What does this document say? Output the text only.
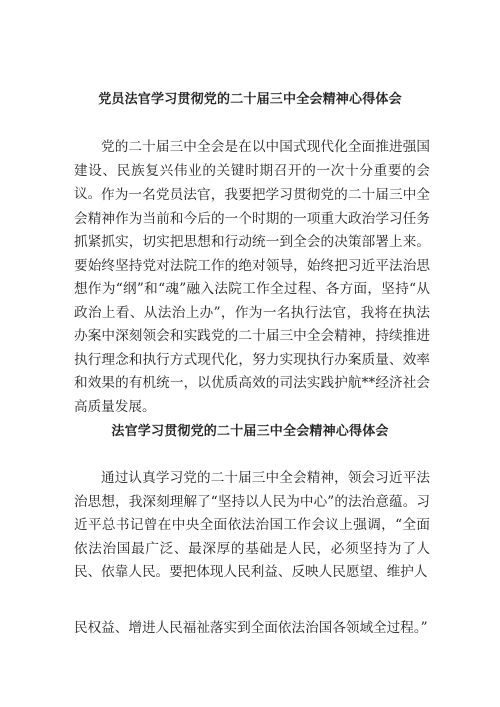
党员法官学习贯彻党的二十届三中全会精神心得体会

党的二十届三中全会是在以中国式现代化全面推进强国建设、民族复兴伟业的关键时期召开的一次十分重要的会议。 作为一名党员法官，我要把学习贯彻党的二十届三中全会精神作为当前和今后的一个时期的一项重大政治学习任务抓紧抓实，切实把思想和行动统一到全会的决策部署上来。要始终坚持党对法院工作的绝对领导，始终把习近平法治思想作为“纲”和“魂”融入法院工作全过程、各方面，坚持“从政治上看、从法治上办”，作为一名执行法官，我将在执法办案中深刻领会和实践党的二十届三中全会精神，持续推进执行理念和执行方式现代化，努力实现执行办案质量、效率和效果的有机统一，以优质高效的司法实践护航**经济社会高质量发展。

法官学习贯彻党的二十届三中全会精神心得体会

通过认真学习党的二十届三中全会精神，领会习近平法治思想，我深刻理解了“坚持以人民为中心”的法治意蕴。习近平总书记曾在中央全面依法治国工作会议上强调，“全面依法治国最广泛、最深厚的基础是人民，必须坚持为了人民、依靠人民。要把体现人民利益、反映人民愿望、维护人

民权益、增进人民福祉落实到全面依法治国各领域全过程。”
